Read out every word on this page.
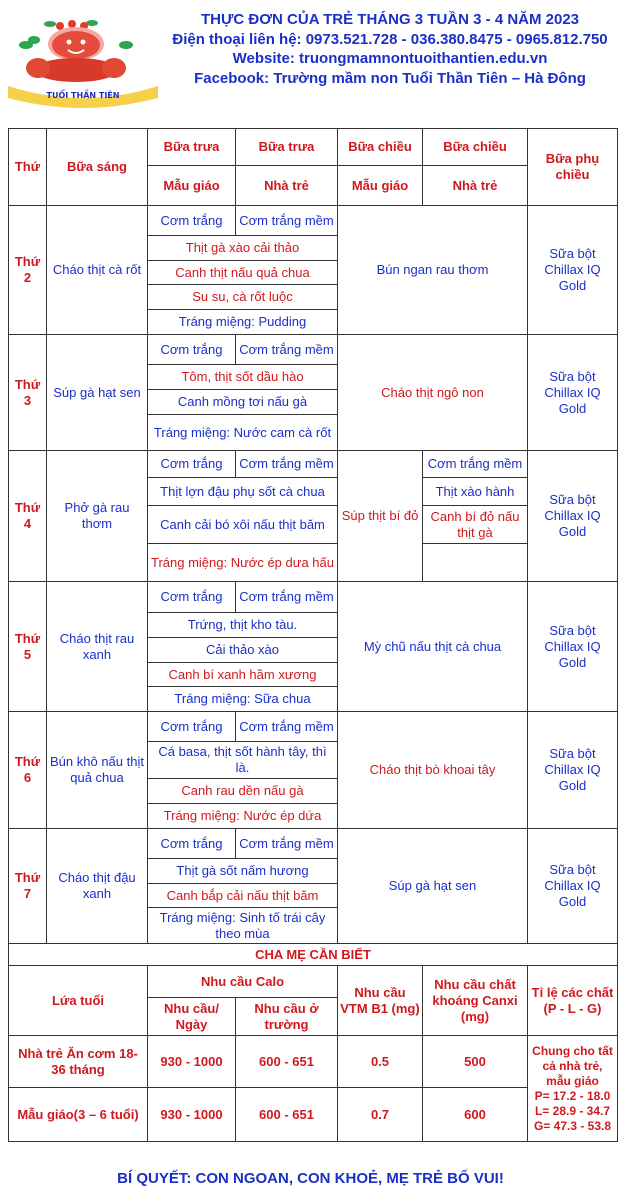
TUỔI THẦN TIÊN
THỰC ĐƠN CỦA TRẺ THÁNG 3 TUẦN 3 - 4 NĂM 2023
Điện thoại liên hệ: 0973.521.728 - 036.380.8475 - 0965.812.750
Website: truongmamnontuoithantien.edu.vn
Facebook: Trường mầm non Tuổi Thần Tiên – Hà Đông
Thứ	Bữa sáng	Bữa trưa	Bữa trưa	Bữa chiều	Bữa chiều	Bữa phụ chiều
		Mẫu giáo	Nhà trẻ	Mẫu giáo	Nhà trẻ	
Thứ 2	Cháo thịt cà rốt	Cơm trắng	Cơm trắng mềm	Bún ngan rau thơm		Sữa bột Chillax IQ Gold
		Thịt gà xào cải thảo				
		Canh thịt nấu quả chua				
		Su su, cà rốt luộc				
		Tráng miệng: Pudding				
Thứ 3	Súp gà hạt sen	Cơm trắng	Cơm trắng mềm	Cháo thịt ngô non		Sữa bột Chillax IQ Gold
		Tôm, thịt sốt dầu hào				
		Canh mồng tơi nấu gà				
		Tráng miệng: Nước cam cà rốt				
Thứ 4	Phở gà rau thơm	Cơm trắng	Cơm trắng mềm	Súp thịt bí đỏ	Cơm trắng mềm	Sữa bột Chillax IQ Gold
		Thịt lợn đậu phụ sốt cà chua			Thịt xào hành	
		Canh cải bó xôi nấu thịt băm			Canh bí đỏ nấu thịt gà	
		Tráng miệng: Nước ép dưa hấu				
Thứ 5	Cháo thịt rau xanh	Cơm trắng	Cơm trắng mềm	Mỳ chũ nấu thịt cà chua		Sữa bột Chillax IQ Gold
		Trứng, thịt kho tàu.				
		Cải thảo xào				
		Canh bí xanh hầm xương				
		Tráng miệng: Sữa chua				
Thứ 6	Bún khô nấu thịt quả chua	Cơm trắng	Cơm trắng mềm	Cháo thịt bò khoai tây		Sữa bột Chillax IQ Gold
		Cá basa, thịt sốt hành tây, thì là.				
		Canh rau dền nấu gà				
		Tráng miệng: Nước ép dứa				
Thứ 7	Cháo thịt đậu xanh	Cơm trắng	Cơm trắng mềm	Súp gà hạt sen		Sữa bột Chillax IQ Gold
		Thịt gà sốt nấm hương				
		Canh bắp cải nấu thịt băm				
		Tráng miệng: Sinh tố trái cây theo mùa				
CHA MẸ CẦN BIẾT						
Lứa tuổi		Nhu cầu Calo		Nhu cầu VTM B1 (mg)	Nhu cầu chất khoáng Canxi (mg)	Tỉ lệ các chất (P - L - G)
		Nhu cầu/ Ngày	Nhu cầu ở trường			
Nhà trẻ Ăn cơm 18-36 tháng		930 - 1000	600 - 651	0.5	500	Chung cho tất cả nhà trẻ, mẫu giáo
P= 17.2 - 18.0
L= 28.9 - 34.7
G= 47.3 - 53.8

Mẫu giáo(3 – 6 tuổi)		930 - 1000	600 - 651	0.7	600	
BÍ QUYẾT: CON NGOAN, CON KHOẺ, MẸ TRẺ BỐ VUI!
